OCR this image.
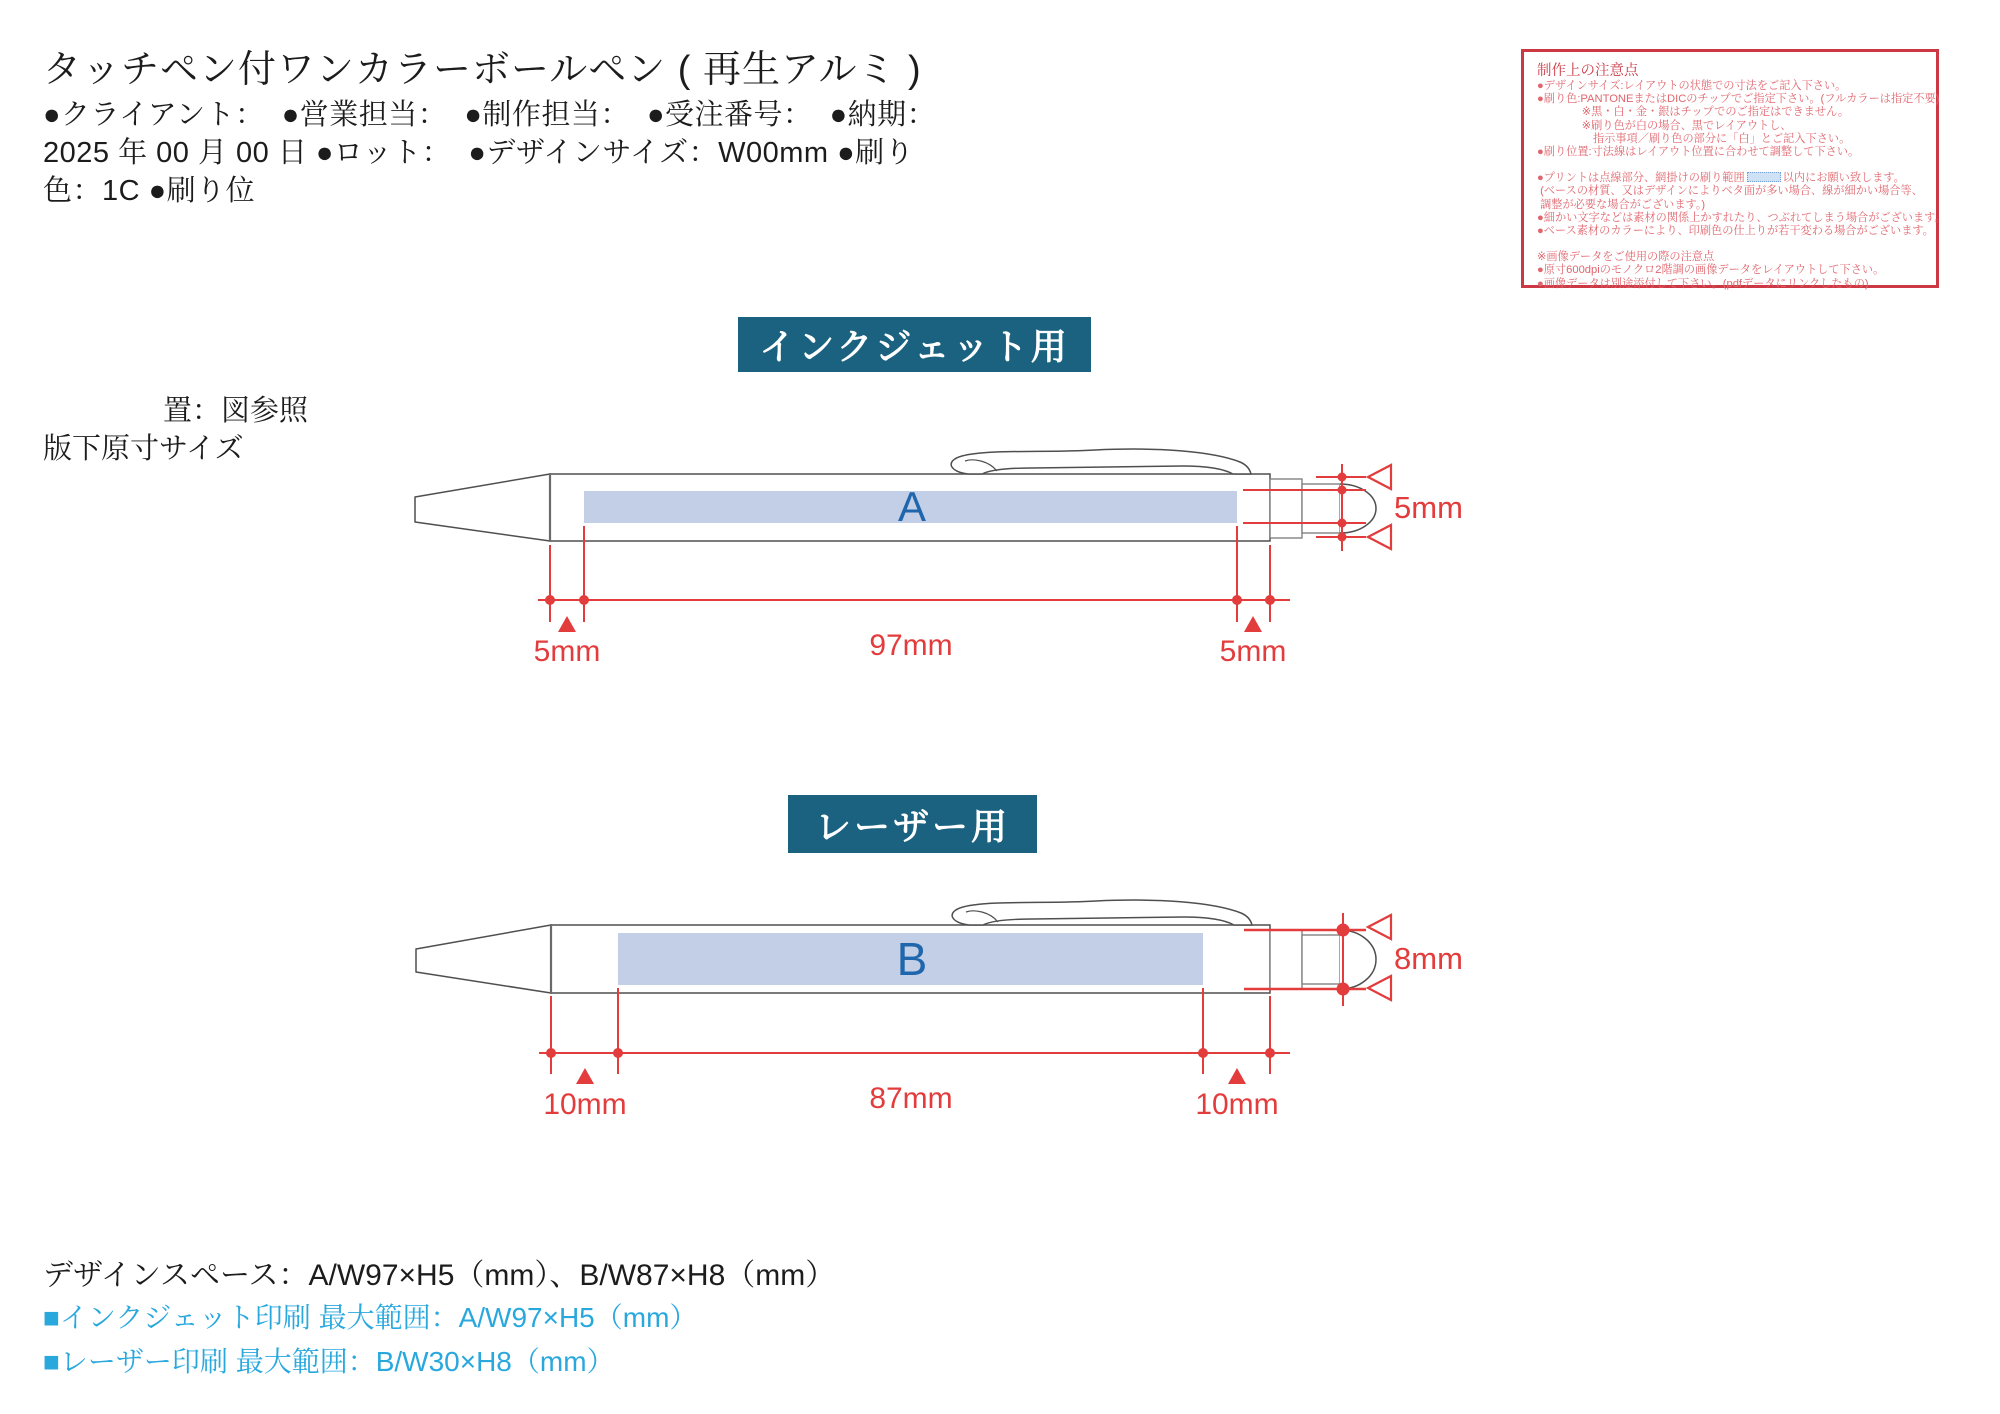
タッチペン付ワンカラーボールペン ( 再生アルミ )
●クライアント：  ●営業担当：  ●制作担当：  ●受注番号：  ●納期：
2025 年 00 月 00 日 ●ロット：  ●デザインサイズ：W00mm ●刷り
色：1C ●刷り位
置：図参照
版下原寸サイズ
制作上の注意点
●デザインサイズ:レイアウトの状態での寸法をご記入下さい。
●刷り色:PANTONEまたはDICのチップでご指定下さい。(フルカラーは指定不要)
　　　　※黒・白・金・銀はチップでのご指定はできません。
　　　　※刷り色が白の場合、黒でレイアウトし、
　　　　　指示事項／刷り色の部分に「白」とご記入下さい。
●刷り位置:寸法線はレイアウト位置に合わせて調整して下さい。
●プリントは点線部分、網掛けの刷り範囲	以内にお願い致します。
(ベースの材質、又はデザインによりベタ面が多い場合、線が細かい場合等、
調整が必要な場合がございます。)
●細かい文字などは素材の関係上かすれたり、つぶれてしまう場合がございます。
●ベース素材のカラーにより、印刷色の仕上りが若干変わる場合がございます。
※画像データをご使用の際の注意点
●原寸600dpiのモノクロ2階調の画像データをレイアウトして下さい。
●画像データは別途添付して下さい。(pdfデータにリンクしたもの)
インクジェット用
レーザー用
A
5mm	97mm	5mm
5mm
B
10mm	87mm	10mm
8mm
デザインスペース：A/W97×H5（mm）、B/W87×H8（mm）
■インクジェット印刷 最大範囲：A/W97×H5（mm）
■レーザー印刷 最大範囲：B/W30×H8（mm）
